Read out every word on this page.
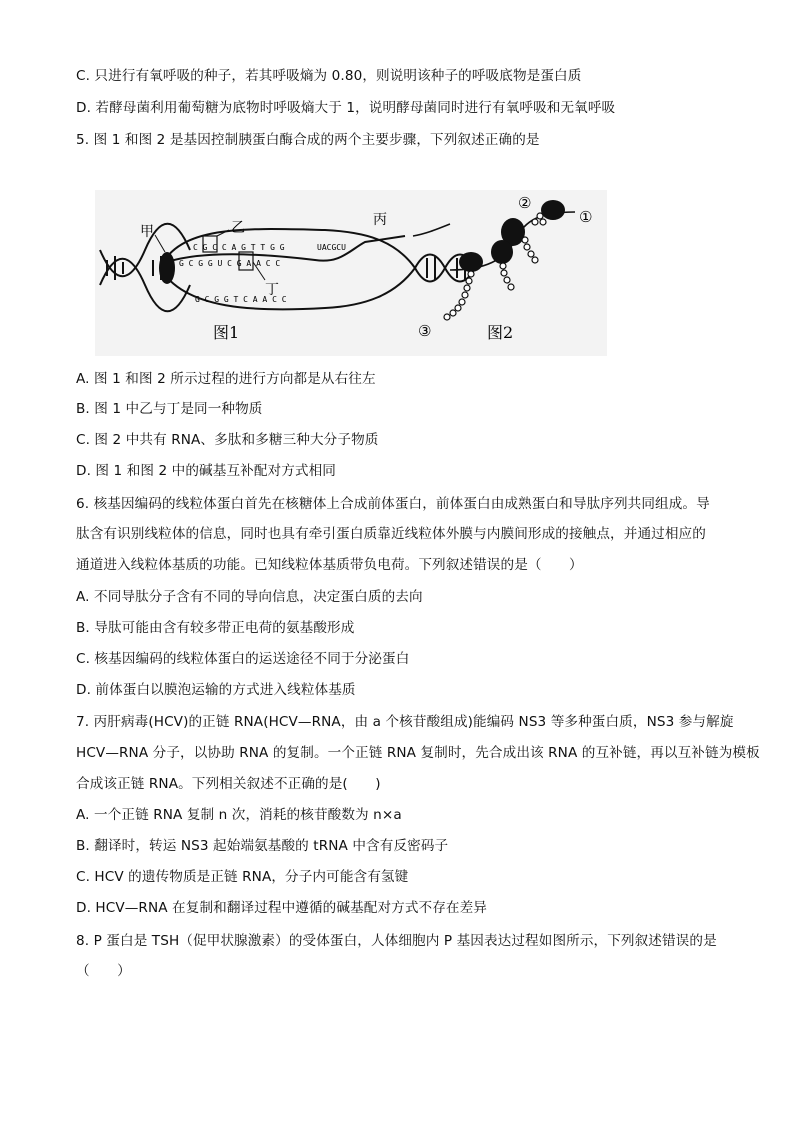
C. 只进行有氧呼吸的种子，若其呼吸熵为 0.80，则说明该种子的呼吸底物是蛋白质
D. 若酵母菌利用葡萄糖为底物时呼吸熵大于 1，说明酵母菌同时进行有氧呼吸和无氧呼吸
5. 图 1 和图 2 是基因控制胰蛋白酶合成的两个主要步骤，下列叙述正确的是
甲	乙	丙
丁
C G C C A G T T G G
G C G G U C G A A C C
UACGCU
G C G G T C A A C C
图1
②
①
③	图2
A. 图 1 和图 2 所示过程的进行方向都是从右往左
B. 图 1 中乙与丁是同一种物质
C. 图 2 中共有 RNA、多肽和多糖三种大分子物质
D. 图 1 和图 2 中的碱基互补配对方式相同
6. 核基因编码的线粒体蛋白首先在核糖体上合成前体蛋白，前体蛋白由成熟蛋白和导肽序列共同组成。导
肽含有识别线粒体的信息，同时也具有牵引蛋白质靠近线粒体外膜与内膜间形成的接触点，并通过相应的
通道进入线粒体基质的功能。已知线粒体基质带负电荷。下列叙述错误的是（　　）
A. 不同导肽分子含有不同的导向信息，决定蛋白质的去向
B. 导肽可能由含有较多带正电荷的氨基酸形成
C. 核基因编码的线粒体蛋白的运送途径不同于分泌蛋白
D. 前体蛋白以膜泡运输的方式进入线粒体基质
7. 丙肝病毒(HCV)的正链 RNA(HCV—RNA，由 a 个核苷酸组成)能编码 NS3 等多种蛋白质，NS3 参与解旋
HCV—RNA 分子，以协助 RNA 的复制。一个正链 RNA 复制时，先合成出该 RNA 的互补链，再以互补链为模板
合成该正链 RNA。下列相关叙述不正确的是(　　)
A. 一个正链 RNA 复制 n 次，消耗的核苷酸数为 n×a
B. 翻译时，转运 NS3 起始端氨基酸的 tRNA 中含有反密码子
C. HCV 的遗传物质是正链 RNA，分子内可能含有氢键
D. HCV—RNA 在复制和翻译过程中遵循的碱基配对方式不存在差异
8. P 蛋白是 TSH（促甲状腺激素）的受体蛋白，人体细胞内 P 基因表达过程如图所示，下列叙述错误的是
（　　）
